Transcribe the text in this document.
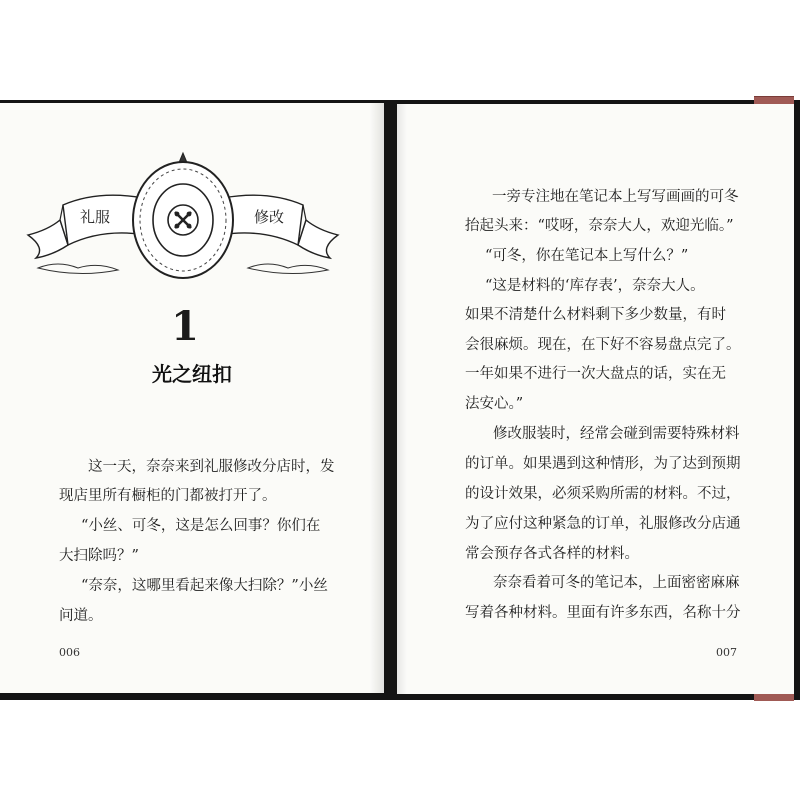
礼服	修改
1
光之纽扣
这一天，奈奈来到礼服修改分店时，发
现店里所有橱柜的门都被打开了。
“小丝、可冬，这是怎么回事？你们在
大扫除吗？”
“奈奈，这哪里看起来像大扫除？”小丝
问道。
006
一旁专注地在笔记本上写写画画的可冬
抬起头来：“哎呀，奈奈大人，欢迎光临。”
“可冬，你在笔记本上写什么？”
“这是材料的‘库存表’，奈奈大人。
如果不清楚什么材料剩下多少数量，有时
会很麻烦。现在，在下好不容易盘点完了。
一年如果不进行一次大盘点的话，实在无
法安心。”
修改服装时，经常会碰到需要特殊材料
的订单。如果遇到这种情形，为了达到预期
的设计效果，必须采购所需的材料。不过，
为了应付这种紧急的订单，礼服修改分店通
常会预存各式各样的材料。
奈奈看着可冬的笔记本，上面密密麻麻
写着各种材料。里面有许多东西，名称十分
007
